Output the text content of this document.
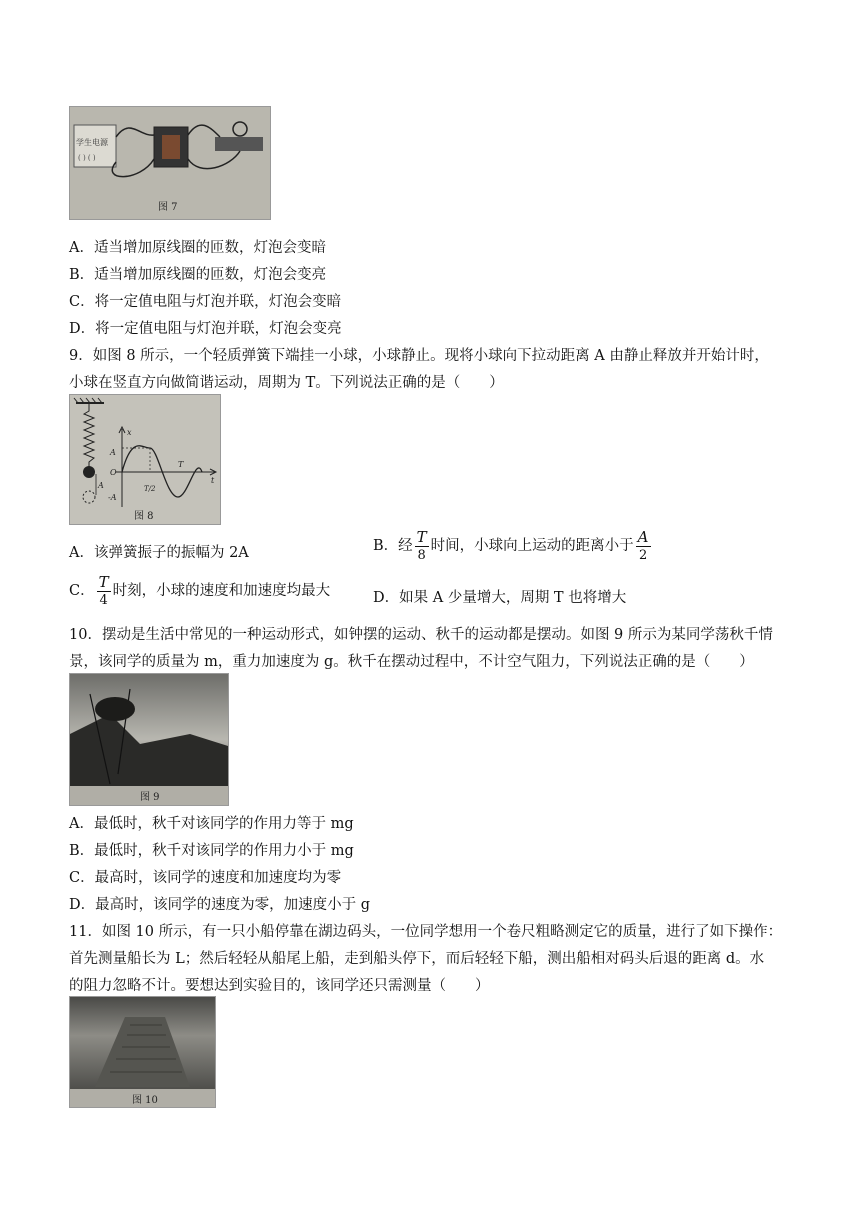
学生电源
( ) ( )
图 7
A．适当增加原线圈的匝数，灯泡会变暗
B．适当增加原线圈的匝数，灯泡会变亮
C．将一定值电阻与灯泡并联，灯泡会变暗
D．将一定值电阻与灯泡并联，灯泡会变亮
9．如图 8 所示，一个轻质弹簧下端挂一小球，小球静止。现将小球向下拉动距离 A 由静止释放并开始计时，
小球在竖直方向做简谐运动，周期为 T。下列说法正确的是（　　）
A
x
t
A
O
-A
T/2
T
图 8
A．该弹簧振子的振幅为 2A	B．经 $\frac{T}{8}$ 时间，小球向上运动的距离小于 $\frac{A}{2}$
C． $\frac{T}{4}$ 时刻，小球的速度和加速度均最大	D．如果 A 少量增大，周期 T 也将增大
10．摆动是生活中常见的一种运动形式，如钟摆的运动、秋千的运动都是摆动。如图 9 所示为某同学荡秋千情
景，该同学的质量为 m，重力加速度为 g。秋千在摆动过程中，不计空气阻力，下列说法正确的是（　　）
图 9
A．最低时，秋千对该同学的作用力等于 mg
B．最低时，秋千对该同学的作用力小于 mg
C．最高时，该同学的速度和加速度均为零
D．最高时，该同学的速度为零，加速度小于 g
11．如图 10 所示，有一只小船停靠在湖边码头，一位同学想用一个卷尺粗略测定它的质量，进行了如下操作：
首先测量船长为 L；然后轻轻从船尾上船，走到船头停下，而后轻轻下船，测出船相对码头后退的距离 d。水
的阻力忽略不计。要想达到实验目的，该同学还只需测量（　　）
图 10
